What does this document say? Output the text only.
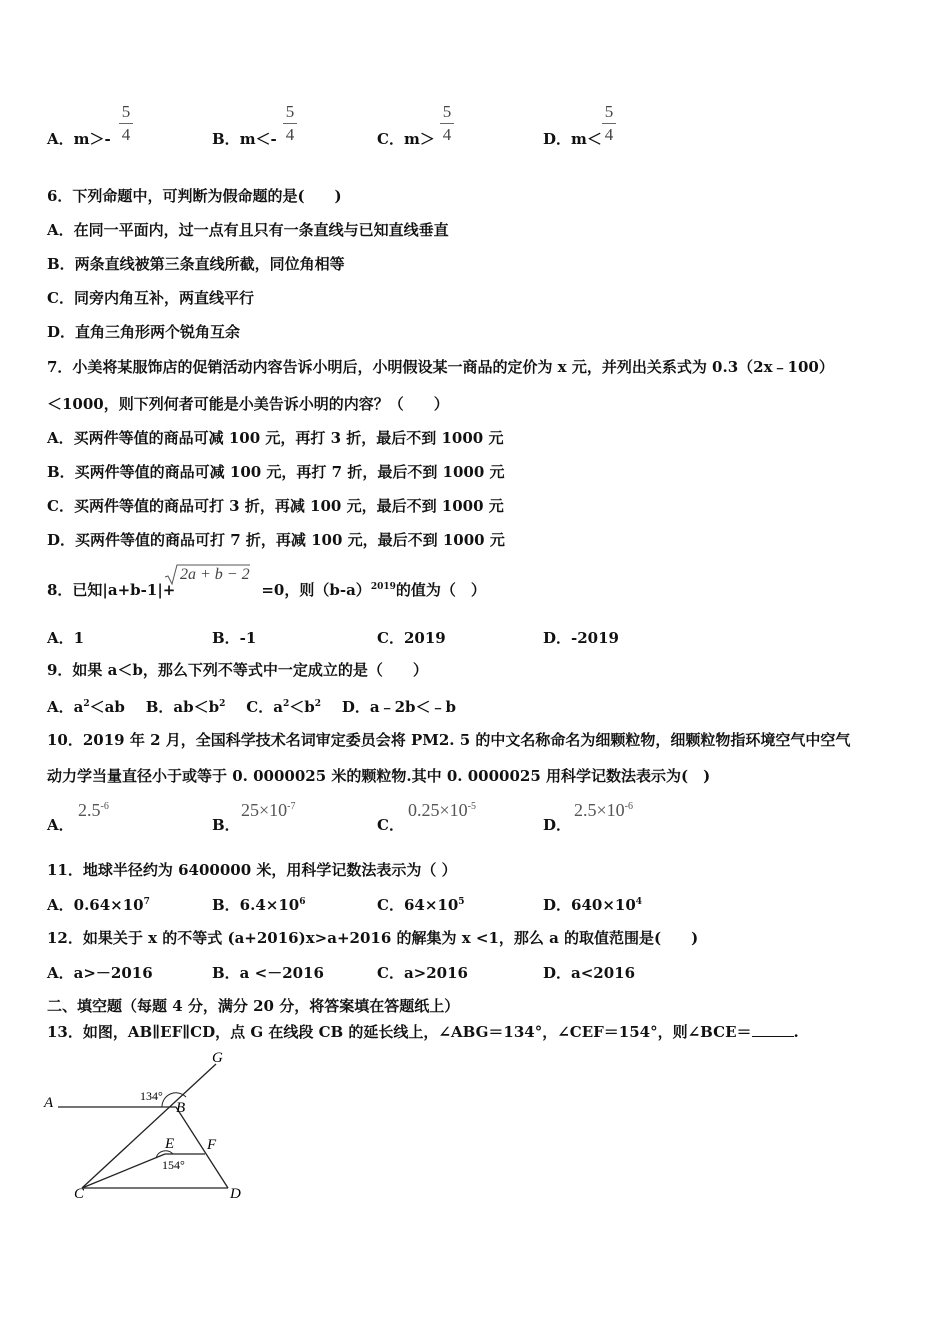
A．m＞-
5
4	B．m＜-
5
4	C．m＞
5
4	D．m＜
5
4
6．下列命题中，可判断为假命题的是(　　)
A．在同一平面内，过一点有且只有一条直线与已知直线垂直
B．两条直线被第三条直线所截，同位角相等
C．同旁内角互补，两直线平行
D．直角三角形两个锐角互余
7．小美将某服饰店的促销活动内容告诉小明后，小明假设某一商品的定价为 x 元，并列出关系式为 0.3（2x﹣100）
＜1000，则下列何者可能是小美告诉小明的内容？（　　）
A．买两件等值的商品可减 100 元，再打 3 折，最后不到 1000 元
B．买两件等值的商品可减 100 元，再打 7 折，最后不到 1000 元
C．买两件等值的商品可打 3 折，再减 100 元，最后不到 1000 元
D．买两件等值的商品可打 7 折，再减 100 元，最后不到 1000 元
8．已知|a+b-1|+	=0，则$(b-a)^{2019}$的值为（　）
2a + b − 2
A．1	B．-1	C．2019	D．-2019
9．如果 a＜b，那么下列不等式中一定成立的是（　　）
A．$a^2<ab$ B．$ab<b^2$ C．$a^2<b^2$ D．a﹣2b＜﹣b
10．2019 年 2 月，全国科学技术名词审定委员会将 PM2. 5 的中文名称命名为细颗粒物，细颗粒物指环境空气中空气
动力学当量直径小于或等于 0. 0000025 米的颗粒物.其中 0. 0000025 用科学记数法表示为(　)
A．
$2.5^{-6}$
B．
$25\times 10^{-7}$
C．
$0.25\times 10^{-5}$
D．
$2.5\times 10^{-6}$
11．地球半径约为 6400000 米，用科学记数法表示为（ ）
A．$0.64\times 10^7$	B．$6.4\times 10^6$	C．$64\times 10^5$	D．$640\times 10^4$
12．如果关于 x 的不等式 (a+2016)x>a+2016 的解集为 x <1，那么 a 的取值范围是(　　)
A．a>－2016	B．a <－2016	C．a>2016	D．a<2016
二、填空题（每题 4 分，满分 20 分，将答案填在答题纸上）
13．如图，AB∥EF∥CD，点 G 在线段 CB 的延长线上，∠ABG＝134°，∠CEF＝154°，则∠BCE＝	.
A	B
C	D
E F
G
134°
154°
